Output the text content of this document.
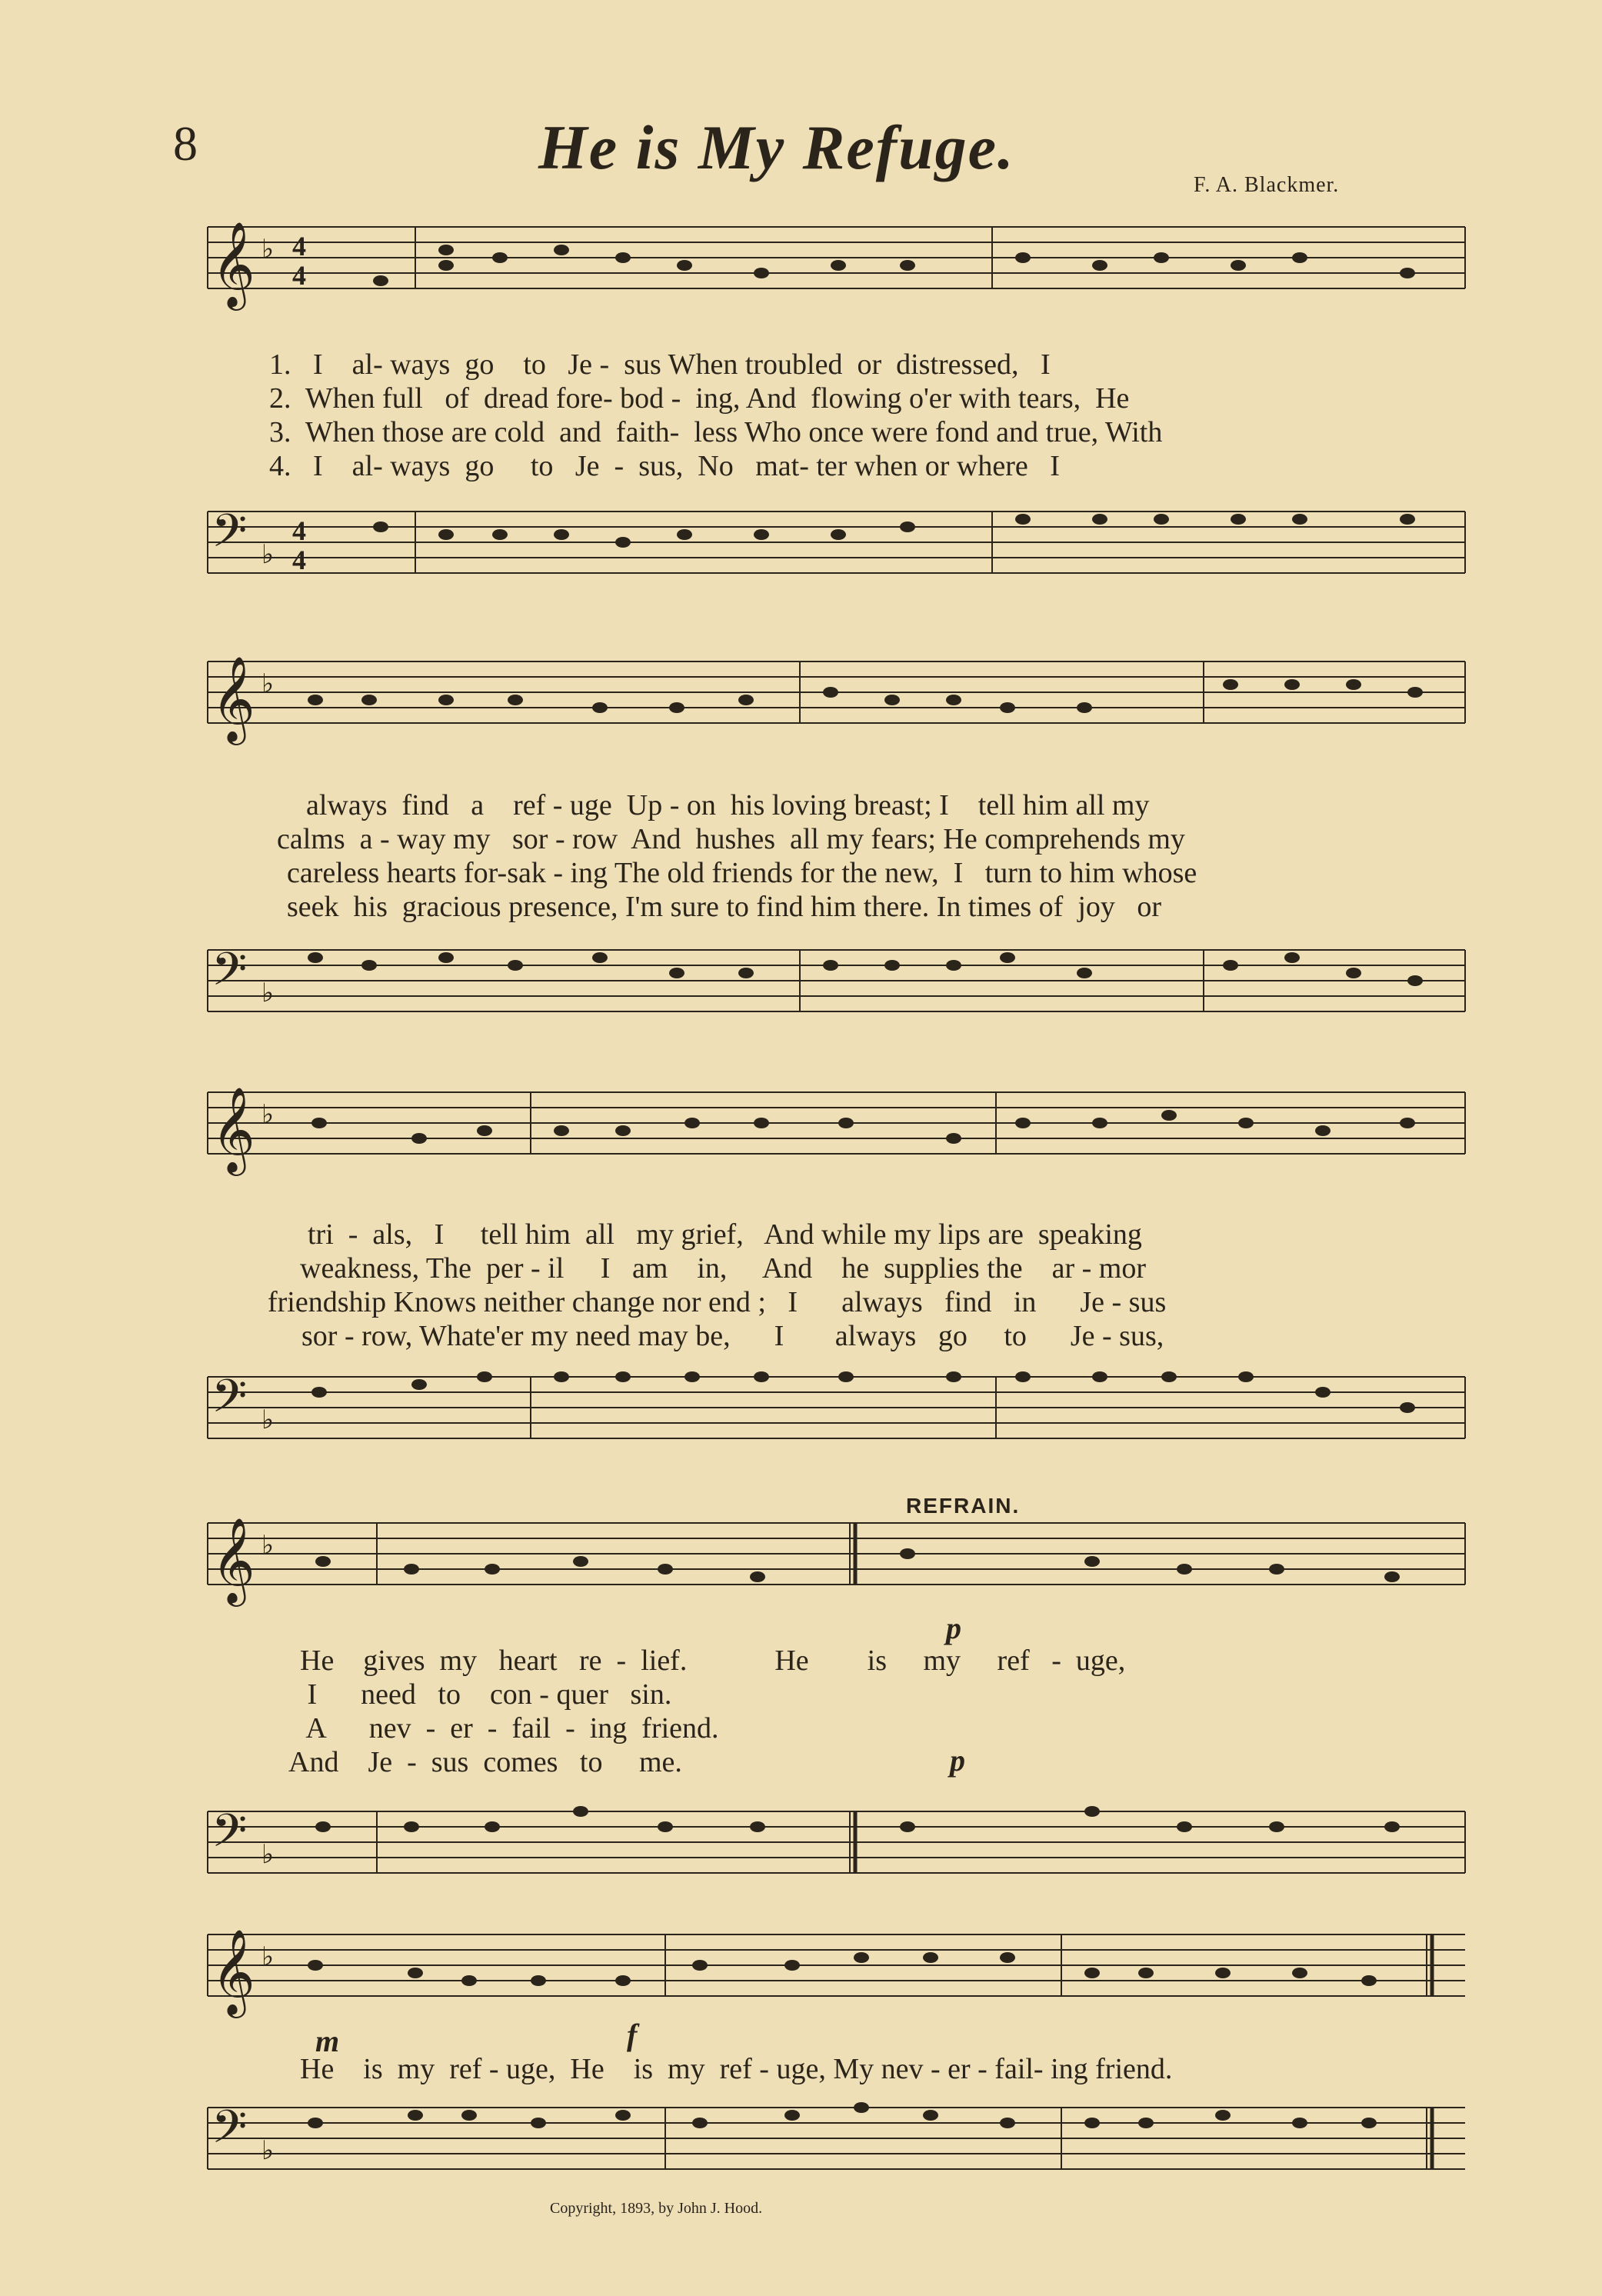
8	He is My Refuge.
F. A. Blackmer.
𝄞 ♭ 4
4
1.   I    al- ways  go    to   Je -  sus When troubled  or  distressed,   I
2.  When full   of  dread fore- bod -  ing, And  flowing o'er with tears,  He
3.  When those are cold  and  faith-  less Who once were fond and true, With
4.   I    al- ways  go     to   Je  -  sus,  No   mat- ter when or where   I
𝄢 ♭
4
4
𝄞 ♭
always  find   a    ref - uge  Up - on  his loving breast; I    tell him all my
calms  a - way my   sor - row  And  hushes  all my fears; He comprehends my
careless hearts for-sak - ing The old friends for the new,  I   turn to him whose
seek  his  gracious presence, I'm sure to find him there. In times of  joy   or
𝄢 ♭
𝄞 ♭
tri  -  als,   I     tell him  all   my grief,   And while my lips are  speaking
weakness, The  per - il     I   am    in,     And    he  supplies the    ar - mor
friendship Knows neither change nor end ;   I      always   find   in      Je - sus
sor - row, Whate'er my need may be,      I       always   go     to      Je - sus,
𝄢 ♭
REFRAIN.
𝄞 ♭
p
He    gives  my   heart   re  -  lief.            He        is     my     ref   -  uge,
I      need   to    con - quer   sin.
A      nev  -  er  -  fail  -  ing  friend.
And    Je  -  sus  comes   to     me.	p
𝄢 ♭
𝄞 ♭
m	f
He    is  my  ref - uge,  He    is  my  ref - uge, My nev - er - fail- ing friend.
𝄢 ♭
Copyright, 1893, by John J. Hood.
